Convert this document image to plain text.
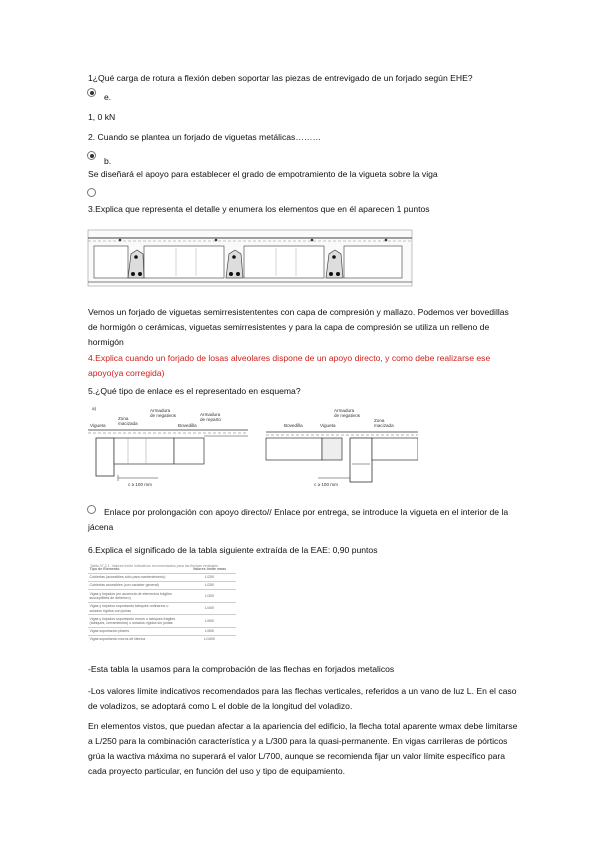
1¿Qué carga de rotura a flexión deben soportar las piezas de entrevigado de un forjado según EHE?
e.
1, 0 kN
2. Cuando se plantea un forjado de viguetas metálicas………
b.
Se diseñará el apoyo para establecer el grado de empotramiento de la vigueta sobre la viga
3.Explica que representa el detalle y enumera los elementos que en él aparecen 1 puntos
Vemos un forjado de viguetas semirresistententes con capa de compresión y mallazo. Podemos ver bovedillas de hormigón o cerámicas, viguetas semirresistentes y para la capa de compresión se utiliza un relleno de hormigón
4.Explica cuando un forjado de losas alveolares dispone de un apoyo directo, y como debe realizarse ese apoyo(ya corregida)
5.¿Qué tipo de enlace es el representado en esquema?
a)
c ≥ 100 mm
Vigueta
Zona macizada
Armadura de negativos
Bovedilla
Armadura de reparto
c ≥ 100 mm
Bovedilla	Vigueta
Armadura de negativos
Zona macizada
Enlace por prolongación con apoyo directo// Enlace por entrega, se introduce la vigueta en el interior de la jácena
6.Explica el significado de la tabla siguiente extraída de la EAE: 0,90 puntos
Tabla 37.2.1. Valores límite indicativos recomendados para las flechas verticales
Tipo de Elemento	Valores límite vmax
Cubiertas (accesibles sólo para mantenimiento)	L/200
Cubiertas accesibles (con carácter general)	L/250
Vigas y forjados (en ausencia de elementos frágiles susceptibles de deterioro)	L/300
Vigas y forjados soportando tabiques ordinarios o solados rígidos con juntas	L/400
Vigas y forjados soportando muros o tabiques frágiles (tabiques, cerramientos) o solados rígidos sin juntas	L/500
Vigas soportando pilares	L/500
Vigas soportando muros de fábrica	L/1000
-Esta tabla la usamos para la comprobación de las flechas en forjados metalicos
-Los valores límite indicativos recomendados para las flechas verticales, referidos a un vano de luz L. En el caso de voladizos, se adoptará como L el doble de la longitud del voladizo.
En elementos vistos, que puedan afectar a la apariencia del edificio, la flecha total aparente wmax debe limitarse a L/250 para la combinación característica y a L/300 para la quasi-permanente. En vigas carrileras de pórticos grúa la wactiva máxima no superará el valor L/700, aunque se recomienda fijar un valor límite específico para cada proyecto particular, en función del uso y tipo de equipamiento.
